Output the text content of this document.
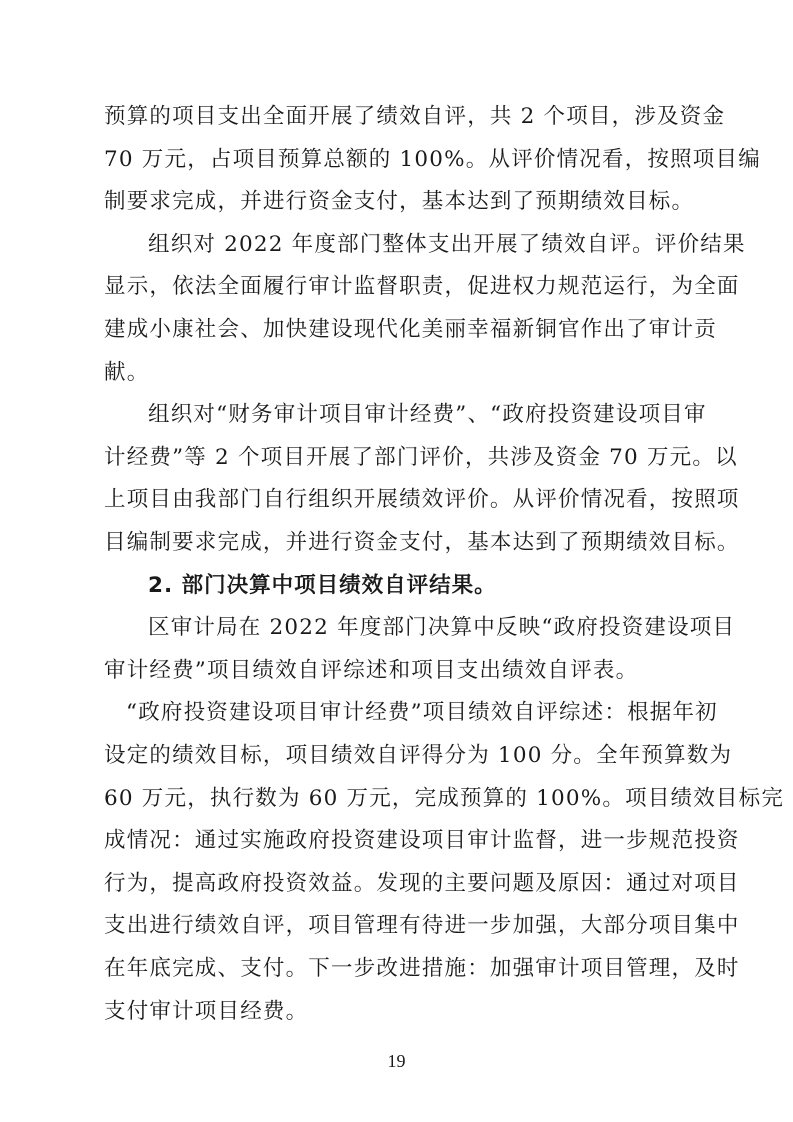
预算的项目支出全面开展了绩效自评，共 2 个项目，涉及资金
70 万元，占项目预算总额的 100%。从评价情况看，按照项目编
制要求完成，并进行资金支付，基本达到了预期绩效目标。
组织对 2022 年度部门整体支出开展了绩效自评。评价结果
显示，依法全面履行审计监督职责，促进权力规范运行，为全面
建成小康社会、加快建设现代化美丽幸福新铜官作出了审计贡
献。
组织对“财务审计项目审计经费”、“政府投资建设项目审
计经费”等 2 个项目开展了部门评价，共涉及资金 70 万元。以
上项目由我部门自行组织开展绩效评价。从评价情况看，按照项
目编制要求完成，并进行资金支付，基本达到了预期绩效目标。
2. 部门决算中项目绩效自评结果。
区审计局在 2022 年度部门决算中反映“政府投资建设项目
审计经费”项目绩效自评综述和项目支出绩效自评表。
“政府投资建设项目审计经费”项目绩效自评综述：根据年初
设定的绩效目标，项目绩效自评得分为 100 分。全年预算数为
60 万元，执行数为 60 万元，完成预算的 100%。项目绩效目标完
成情况：通过实施政府投资建设项目审计监督，进一步规范投资
行为，提高政府投资效益。发现的主要问题及原因：通过对项目
支出进行绩效自评，项目管理有待进一步加强，大部分项目集中
在年底完成、支付。下一步改进措施：加强审计项目管理，及时
19
支付审计项目经费。
